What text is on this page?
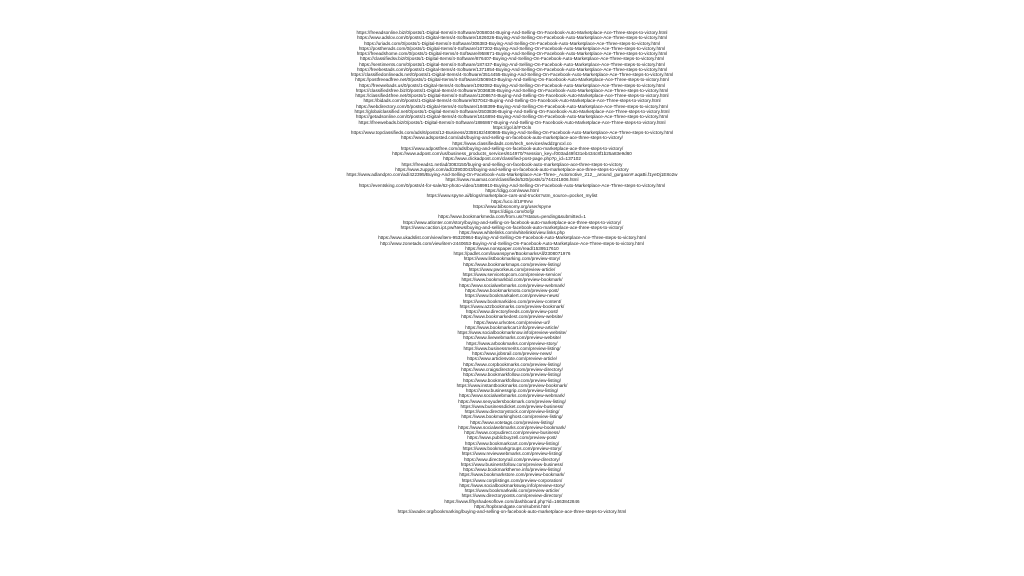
https://freeadsonline.biz/0/posts/1-Digital-Items/4-Software/2058034-Buying-And-Selling-On-Facebook-Auto-Marketplace-Ace-Three-steps-to-victory.html
https://www.adslov.com/0/posts/1-Digital-Items/4-Software/1826026-Buying-And-Selling-On-Facebook-Auto-Marketplace-Ace-Three-steps-to-victory.html
https://uriads.com/0/posts/1-Digital-Items/4-Software/306383-Buying-And-Selling-On-Facebook-Auto-Marketplace-Ace-Three-steps-to-victory.html
https://postherads.com/0/posts/1-Digital-Items/4-Software/107202-Buying-And-Selling-On-Facebook-Auto-Marketplace-Ace-Three-steps-to-victory.html
https://freeadshome.com/0/posts/1-Digital-Items/4-Software/958671-Buying-And-Selling-On-Facebook-Auto-Marketplace-Ace-Three-steps-to-victory.html
https://classifiedsv.biz/0/posts/1-Digital-Items/4-Software/876407-Buying-And-Selling-On-Facebook-Auto-Marketplace-Ace-Three-steps-to-victory.html
https://sentiments.com/0/posts/1-Digital-Items/4-Software/187437-Buying-And-Selling-On-Facebook-Auto-Marketplace-Ace-Three-steps-to-victory.html
https://freebestads.com/0/posts/1-Digital-Items/4-Software/1371854-Buying-And-Selling-On-Facebook-Auto-Marketplace-Ace-Three-steps-to-victory.html
https://classifiedonlineads.net/0/posts/1-Digital-Items/4-Software/3514455-Buying-And-Selling-On-Facebook-Auto-Marketplace-Ace-Three-steps-to-victory.html
https://postfreeadfree.net/0/posts/1-Digital-Items/4-Software/2506943-Buying-And-Selling-On-Facebook-Auto-Marketplace-Ace-Three-steps-to-victory.html
https://freewebads.us/0/posts/1-Digital-Items/4-Software/1092082-Buying-And-Selling-On-Facebook-Auto-Marketplace-Ace-Three-steps-to-victory.html
https://classifiedsfree.biz/0/posts/1-Digital-Items/4-Software/2036836-Buying-And-Selling-On-Facebook-Auto-Marketplace-Ace-Three-steps-to-victory.html
https://classified4free.net/0/posts/1-Digital-Items/4-Software/1208674-Buying-And-Selling-On-Facebook-Auto-Marketplace-Ace-Three-steps-to-victory.html
https://bidads.com/0/posts/1-Digital-Items/4-Software/937042-Buying-And-Selling-On-Facebook-Auto-Marketplace-Ace-Three-steps-to-victory.html
https://webdirectory.com/0/posts/1-Digital-Items/4-Software/1948399-Buying-And-Selling-On-Facebook-Auto-Marketplace-Ace-Three-steps-to-victory.html
https://globalclassified.net/0/posts/1-Digital-Items/4-Software/2503836-Buying-And-Selling-On-Facebook-Auto-Marketplace-Ace-Three-steps-to-victory.html
https://getadsonline.com/0/posts/1-Digital-Items/4-Software/1616894-Buying-And-Selling-On-Facebook-Auto-Marketplace-Ace-Three-steps-to-victory.html
https://freewebads.biz/0/posts/1-Digital-Items/4-Software/1886867-Buying-And-Selling-On-Facebook-Auto-Marketplace-Ace-Three-steps-to-victory.html
https://gol.it/rFOcln
https://www.topclassifieds.com/ads/6/posts/12-Business/2359182/480865-Buying-And-Selling-On-Facebook-Auto-Marketplace-Ace-Three-steps-to-victory.html
https://www.adsposted.com/ads/buying-and-selling-on-facebook-auto-marketplace-ace-three-steps-to-victory/
https://www.classifiedads.com/tech_services/wddzgncxl.co
https://www.adpostfree.com/ads/buying-and-selling-on-facebook-auto-marketplace-ace-three-steps-to-victory/
https://www.adpost.com/us/business_products_services/614970/?session_key=f003ad49f431eb434c8f1b25a83e9d60
https://www.clickadpost.com/classified-post-page.php?p_id=137102
https://freeads1.net/ad/3083150/buying-and-selling-on-facebook-auto-marketplace-ace-three-steps-to-victory
https://www.zuppyk.com/ad/23903043/buying-and-selling-on-facebook-auto-marketplace-ace-three-steps-to-victory
https://www.adlandpro.com/ad/422395/Buying-And-Selling-On-Facebook-Auto-Marketplace-Ace-Three-_Automotive_212__around_gurgaon#.aqaBi.f1yeDj1E8o2w
https://www.muamat.com/classifieds/520/posts/1/744241806.html
https://eventsking.com/0/posts/4-for-sale/62-photo-video/1589910-Buying-And-Selling-On-Facebook-Auto-Marketplace-Ace-Three-steps-to-victory.html
https://digg.com/www.html
https://www.spyne.ai/blogs/marketplace-cars-and-trucks?utm_source=pocket_mylist
https://uco.it/1IF9Vw
https://www.bibsonomy.org/user/spyne
https://diigo.com/0ofjjr
https://www.bookmarkmeda.com/from.usr/?status=pending&submitted=1
https://www.atlonter.com/story/buying-and-selling-on-facebook-auto-marketplace-ace-three-steps-to-victory/
https://www.caction.ipt.pw/News/buying-and-selling-on-facebook-auto-marketplace-ace-three-steps-to-victory/
https://www.whitelinks.com/whitelinks/view.links.php
https://www.ukadslist.com/view/item-95320964-Buying-And-Selling-On-Facebook-Auto-Marketplace-Ace-Three-steps-to-victory.html
http://www.zonetads.com/view/item-2440653-Buying-And-Selling-On-Facebook-Auto-Marketplace-Ace-Three-steps-to-victory.html
https://www.nonspaper.com/read/1539517610
https://padlet.com/lavanspyne/BookmarksAll/2308071976
https://www.listbookmarking.com/preview-story/
https://www.bookmarkmaps.com/preview-listing/
https://www.pworkeus.com/preview-article/
https://www.servicetopcom.com/preview-service/
https://www.bookmarkbid.com/preview-bookmark/
https://www.socialwebmarks.com/preview-webmark/
https://www.bookmarkmoto.com/preview-post/
https://www.bookmarkalert.com/preview-news/
https://www.bookmarkideo.com/preview-content/
https://www.a2zbookmarks.com/preview-bookmark/
https://www.directoryfeeds.com/preview-post/
https://www.bookmarkedest.com/preview-website/
https://www.urlvotes.com/preview-url/
https://www.bookmarkcart.info/preview-article/
https://www.socialbookmarknow.info/preview-website/
https://www.livewebmarks.com/preview-website/
https://www.arbookmarks.com/preview-story/
https://www.businessmerits.com/preview-listing/
https://www.jobsrail.com/preview-news/
https://www.articlesvote.com/preview-article/
https://www.corpbookmarks.com/preview-listing/
https://www.craigsdirectory.com/preview-directory/
https://www.bookmarkfollow.com/preview-listing/
https://www.bookmarkfollow.com/preview-listing/
https://www.instantbookmarks.com/preview-bookmark/
https://www.businessgrip.com/preview-listing/
https://www.socialwebmarks.com/preview-webmark/
https://www.seoyudersbookmark.com/preview-listing/
https://www.businessdicket.com/preview-business/
https://www.directorystock.com/preview-listing/
https://www.bookmarkinghost.com/preview-listing/
https://www.votetags.com/preview-listing/
https://www.socialwebmarks.com/preview-bookmark/
https://www.corpudirect.com/preview-business/
https://www.publicbuyzell.com/preview-post/
https://www.bookmarkcart.com/preview-listing/
https://www.bookmarkgroups.com/preview-story/
https://www.reviewwebmarks.com/preview-listing/
https://www.directoryrail.com/preview-directory/
https://www.businessfollow.com/preview-business/
https://www.bookmarktheme.info/preview-listing/
https://www.bookmarkstore.com/preview-bookmark/
https://www.corplistings.com/preview-corporation/
https://www.socialbookmarksway.info/preview-story/
https://www.bookmarkwiki.com/preview-article/
https://www.directoryposts.com/preview-directory/
https://www.fiftyshadesoflove.com/dashboard.php?id=1663842846
https://topbrandgate.com/submit.html
https://avader.org/bookmarking/buying-and-selling-on-facebook-auto-marketplace-ace-three-steps-to-victory.html
